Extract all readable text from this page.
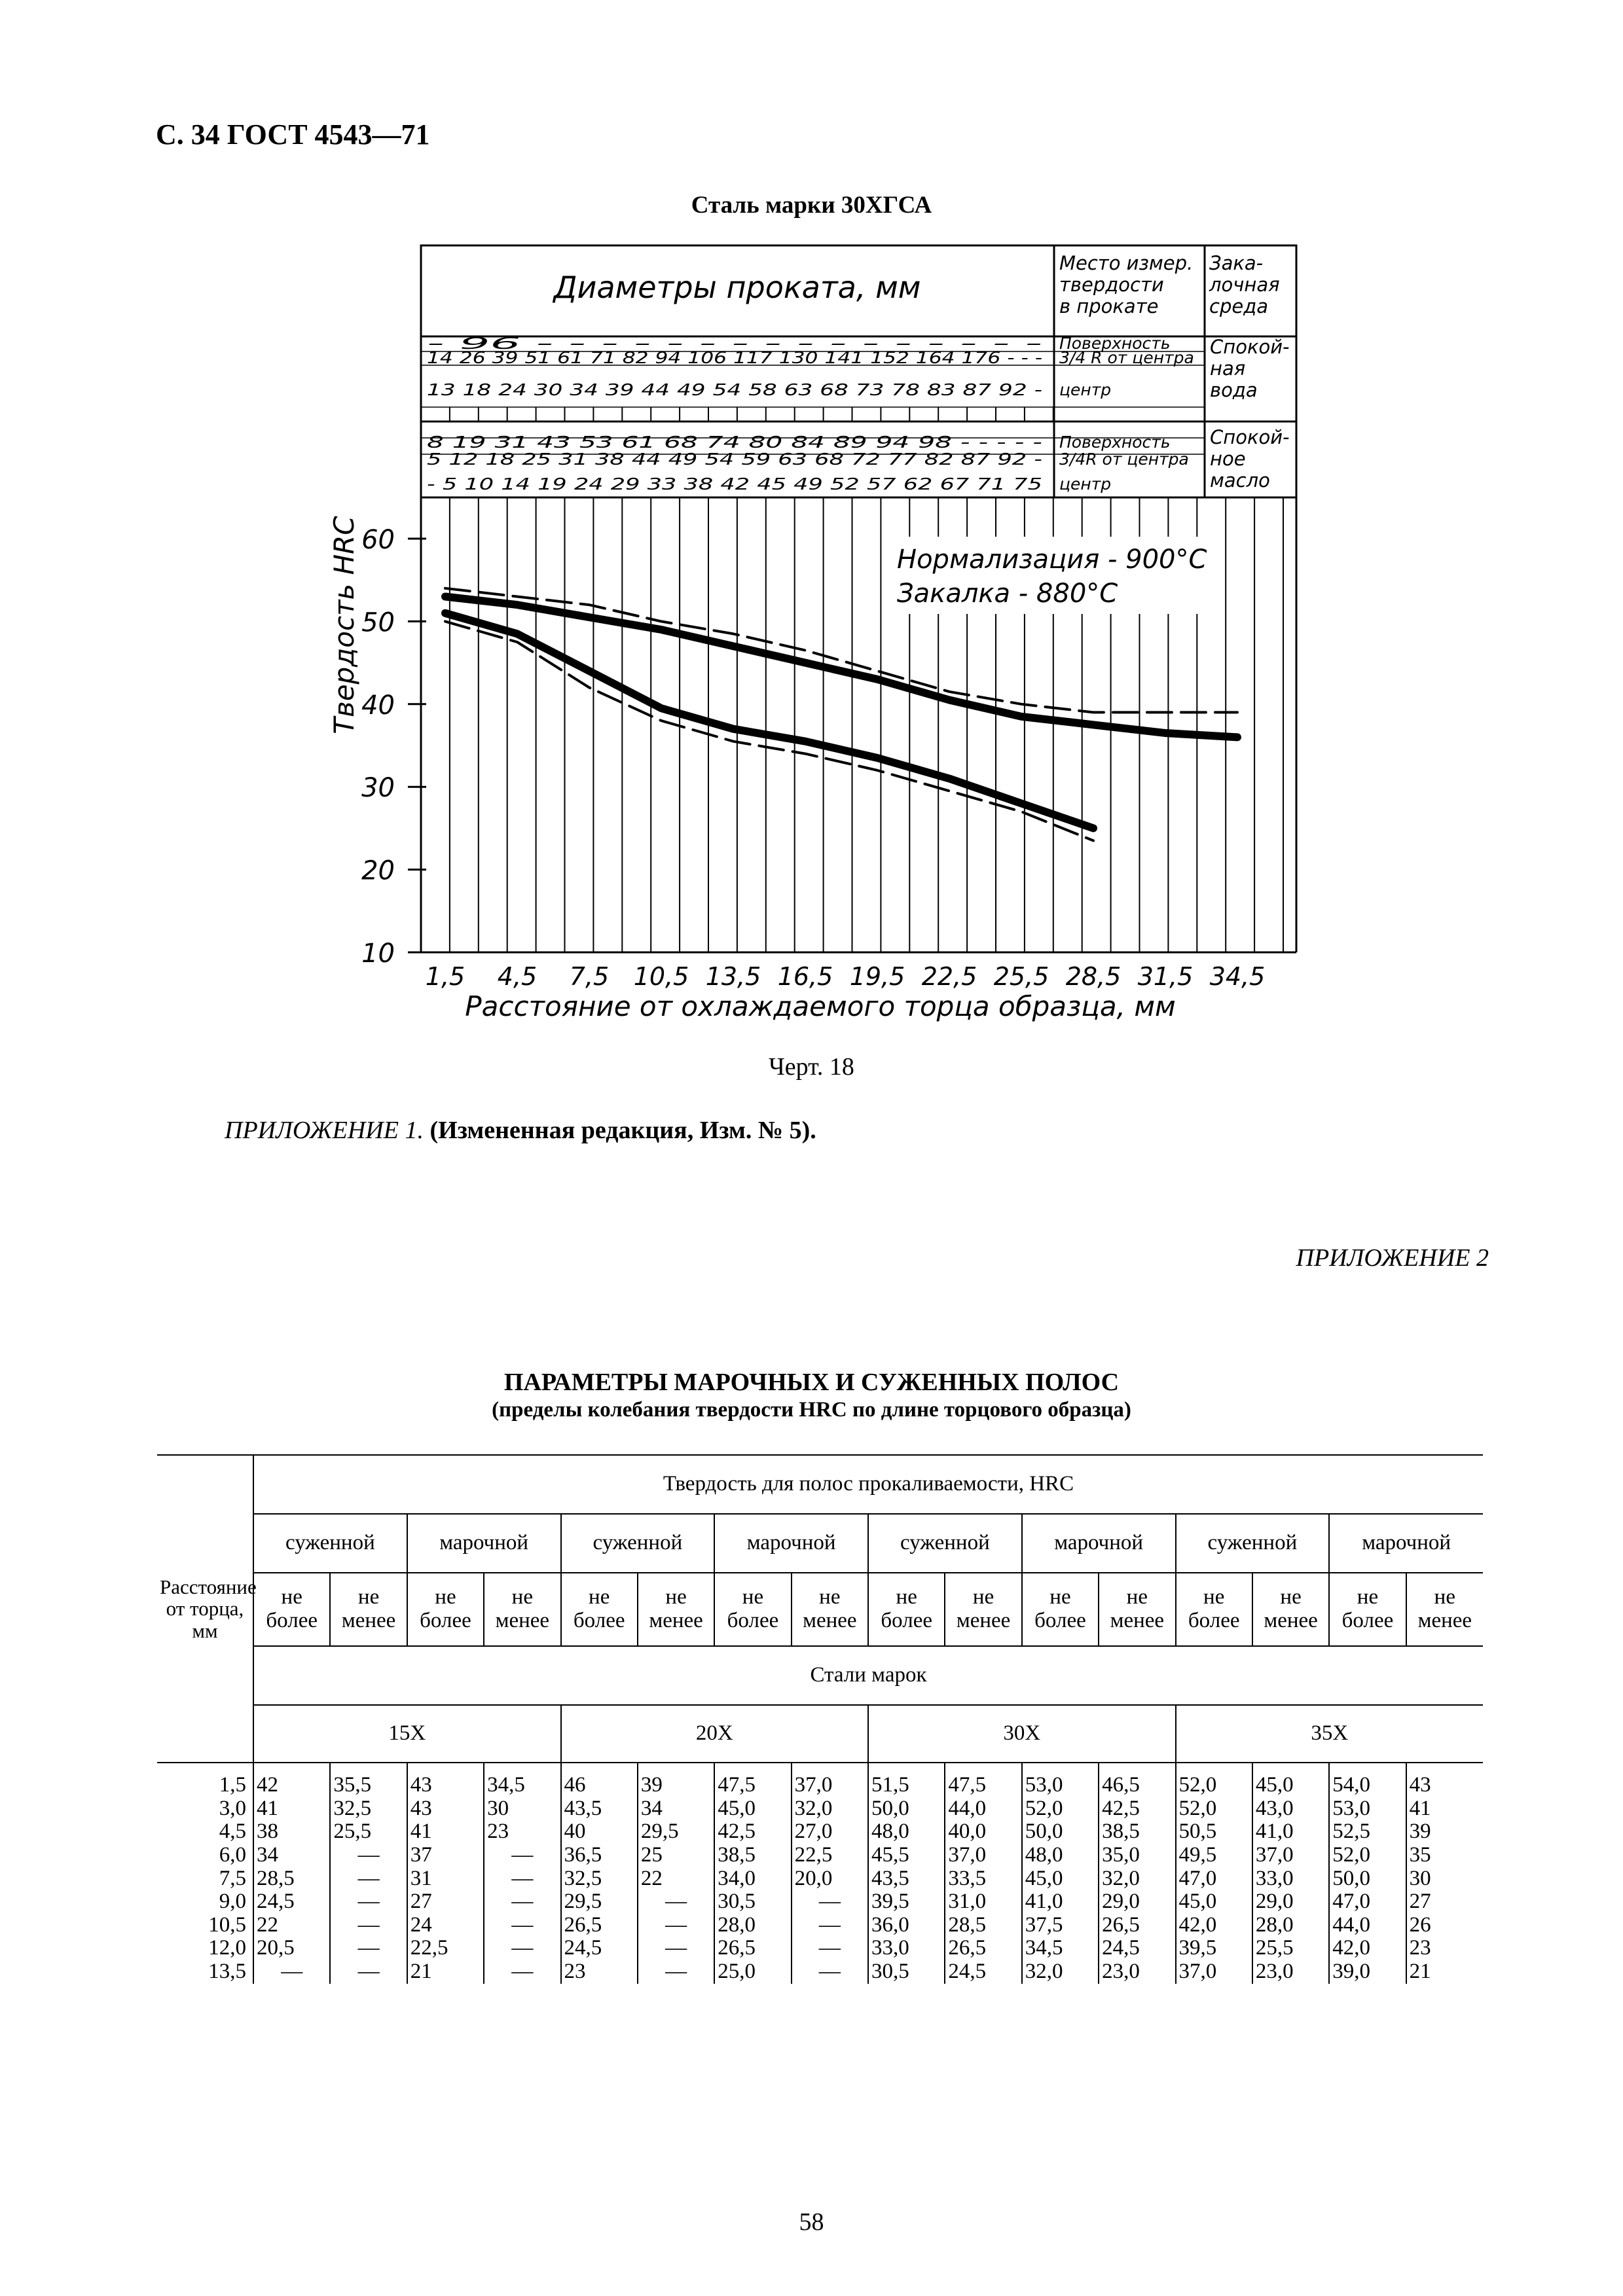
С. 34 ГОСТ 4543—71
Сталь марки 30ХГСА
Диаметры проката, мм
Место измер.
твердости
в прокате
Зака-
лочная
среда
- 96 - - - - - - - - - - - - - - - - Поверхность
14 26 39 51 61 71 82 94 106 117 130 141 152 164 176 - - - 3/4 R от центра
13 18 24 30 34 39 44 49 54 58 63 68 73 78 83 87 92 - центр
8 19 31 43 53 61 68 74 80 84 89 94 98 - - - - - Поверхность
5 12 18 25 31 38 44 49 54 59 63 68 72 77 82 87 92 - 3/4R от центра
- 5 10 14 19 24 29 33 38 42 45 49 52 57 62 67 71 75 центр
Спокой-
ная
вода
Спокой-
ное
масло
60
50
40
30
20
10
Твердость HRC
1,5 4,5 7,5 10,5 13,5 16,5 19,5 22,5 25,5 28,5 31,5 34,5
Расстояние от охлаждаемого торца образца, мм
Нормализация - 900°С
Закалка - 880°С
Черт. 18
ПРИЛОЖЕНИЕ 1. (Измененная редакция, Изм. № 5).
ПРИЛОЖЕНИЕ 2
ПАРАМЕТРЫ МАРОЧНЫХ И СУЖЕННЫХ ПОЛОС
(пределы колебания твердости HRC по длине торцового образца)
Расстояние от торца, мм	Твердость для полос прокаливаемости, HRC															
	суженной		марочной		суженной		марочной		суженной		марочной		суженной		марочной	
	не более	не менее	не более	не менее	не более	не менее	не более	не менее	не более	не менее	не более	не менее	не более	не менее	не более	не менее
	Стали марок															
	15Х				20Х				30Х				35Х			
1,5	42	35,5	43	34,5	46	39	47,5	37,0	51,5	47,5	53,0	46,5	52,0	45,0	54,0	43
3,0	41	32,5	43	30	43,5	34	45,0	32,0	50,0	44,0	52,0	42,5	52,0	43,0	53,0	41
4,5	38	25,5	41	23	40	29,5	42,5	27,0	48,0	40,0	50,0	38,5	50,5	41,0	52,5	39
6,0	34	—	37	—	36,5	25	38,5	22,5	45,5	37,0	48,0	35,0	49,5	37,0	52,0	35
7,5	28,5	—	31	—	32,5	22	34,0	20,0	43,5	33,5	45,0	32,0	47,0	33,0	50,0	30
9,0	24,5	—	27	—	29,5	—	30,5	—	39,5	31,0	41,0	29,0	45,0	29,0	47,0	27
10,5	22	—	24	—	26,5	—	28,0	—	36,0	28,5	37,5	26,5	42,0	28,0	44,0	26
12,0	20,5	—	22,5	—	24,5	—	26,5	—	33,0	26,5	34,5	24,5	39,5	25,5	42,0	23
13,5	—	—	21	—	23	—	25,0	—	30,5	24,5	32,0	23,0	37,0	23,0	39,0	21
58
